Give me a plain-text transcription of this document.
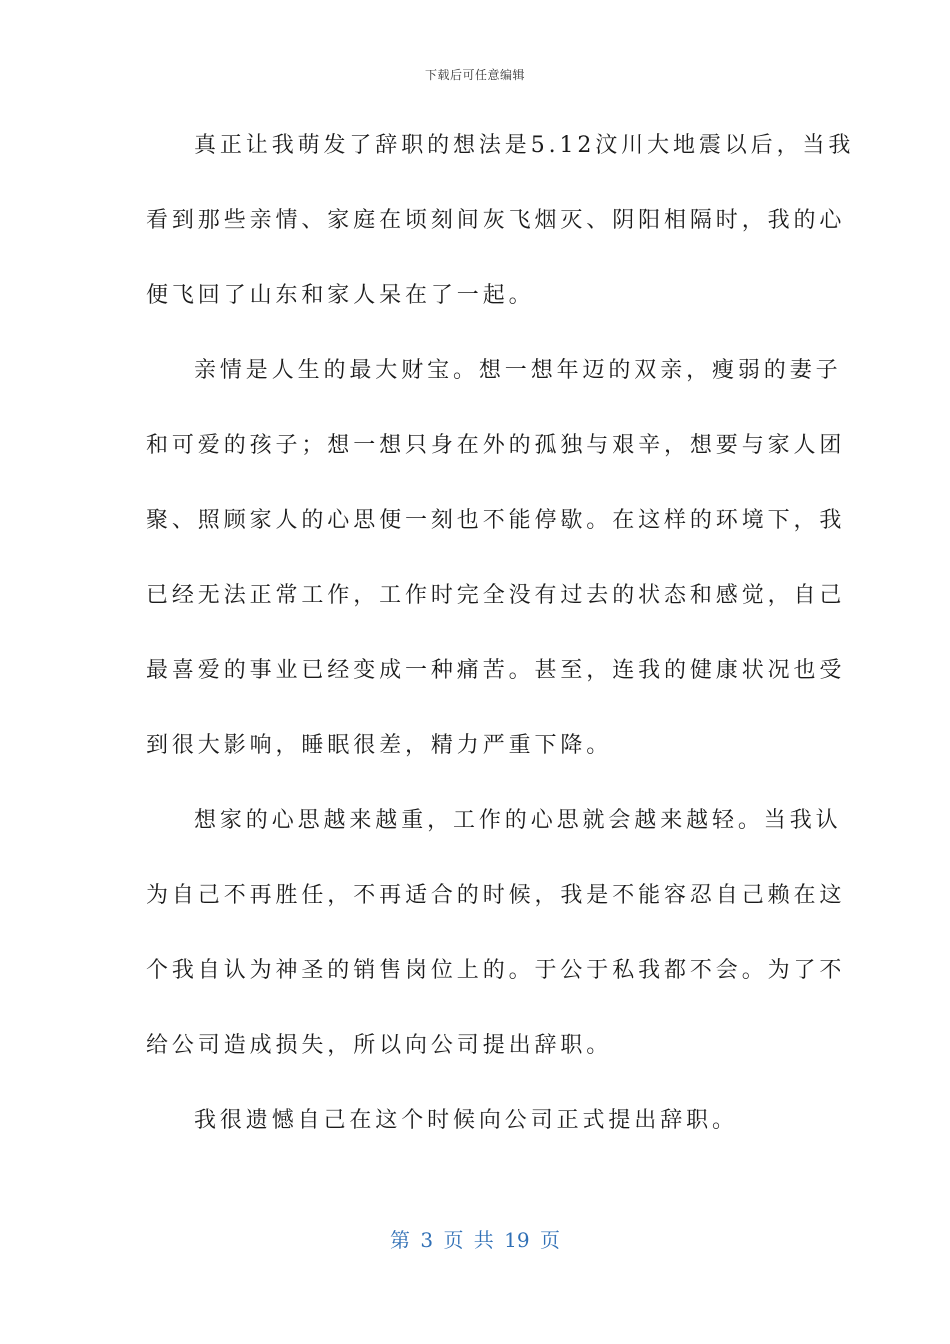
下载后可任意编辑
真正让我萌发了辞职的想法是5.12汶川大地震以后，当我
看到那些亲情、家庭在顷刻间灰飞烟灭、阴阳相隔时，我的心
便飞回了山东和家人呆在了一起。
亲情是人生的最大财宝。想一想年迈的双亲，瘦弱的妻子
和可爱的孩子；想一想只身在外的孤独与艰辛，想要与家人团
聚、照顾家人的心思便一刻也不能停歇。在这样的环境下，我
已经无法正常工作，工作时完全没有过去的状态和感觉，自己
最喜爱的事业已经变成一种痛苦。甚至，连我的健康状况也受
到很大影响，睡眠很差，精力严重下降。
想家的心思越来越重，工作的心思就会越来越轻。当我认
为自己不再胜任，不再适合的时候，我是不能容忍自己赖在这
个我自认为神圣的销售岗位上的。于公于私我都不会。为了不
给公司造成损失，所以向公司提出辞职。
我很遗憾自己在这个时候向公司正式提出辞职。
第 3 页 共 19 页
